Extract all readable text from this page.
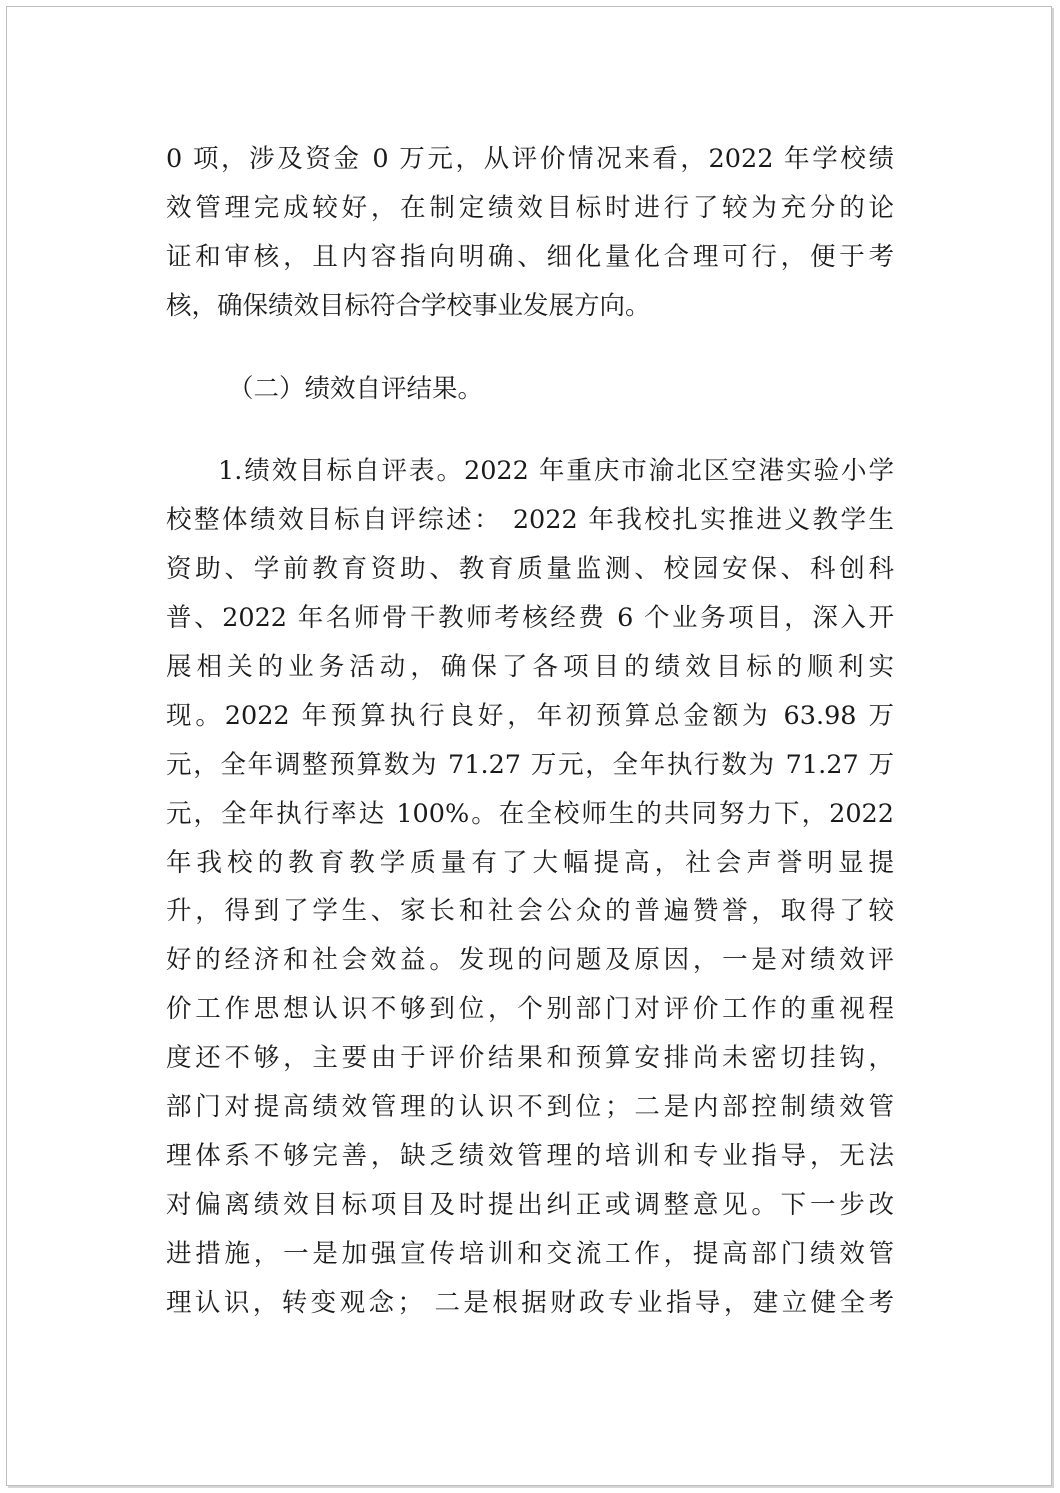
0 项，涉及资金 0 万元，从评价情况来看，2022 年学校绩
效管理完成较好，在制定绩效目标时进行了较为充分的论
证和审核，且内容指向明确、细化量化合理可行，便于考
核，确保绩效目标符合学校事业发展方向。
（二）绩效自评结果。
1.绩效目标自评表。2022 年重庆市渝北区空港实验小学
校整体绩效目标自评综述： 2022 年我校扎实推进义教学生
资助、学前教育资助、教育质量监测、校园安保、科创科
普、2022 年名师骨干教师考核经费 6 个业务项目，深入开
展相关的业务活动，确保了各项目的绩效目标的顺利实
现。2022 年预算执行良好，年初预算总金额为 63.98 万
元，全年调整预算数为 71.27 万元，全年执行数为 71.27 万
元，全年执行率达 100%。在全校师生的共同努力下，2022
年我校的教育教学质量有了大幅提高，社会声誉明显提
升，得到了学生、家长和社会公众的普遍赞誉，取得了较
好的经济和社会效益。发现的问题及原因，一是对绩效评
价工作思想认识不够到位，个别部门对评价工作的重视程
度还不够，主要由于评价结果和预算安排尚未密切挂钩，
部门对提高绩效管理的认识不到位；二是内部控制绩效管
理体系不够完善，缺乏绩效管理的培训和专业指导，无法
对偏离绩效目标项目及时提出纠正或调整意见。下一步改
进措施，一是加强宣传培训和交流工作，提高部门绩效管
理认识，转变观念； 二是根据财政专业指导，建立健全考
